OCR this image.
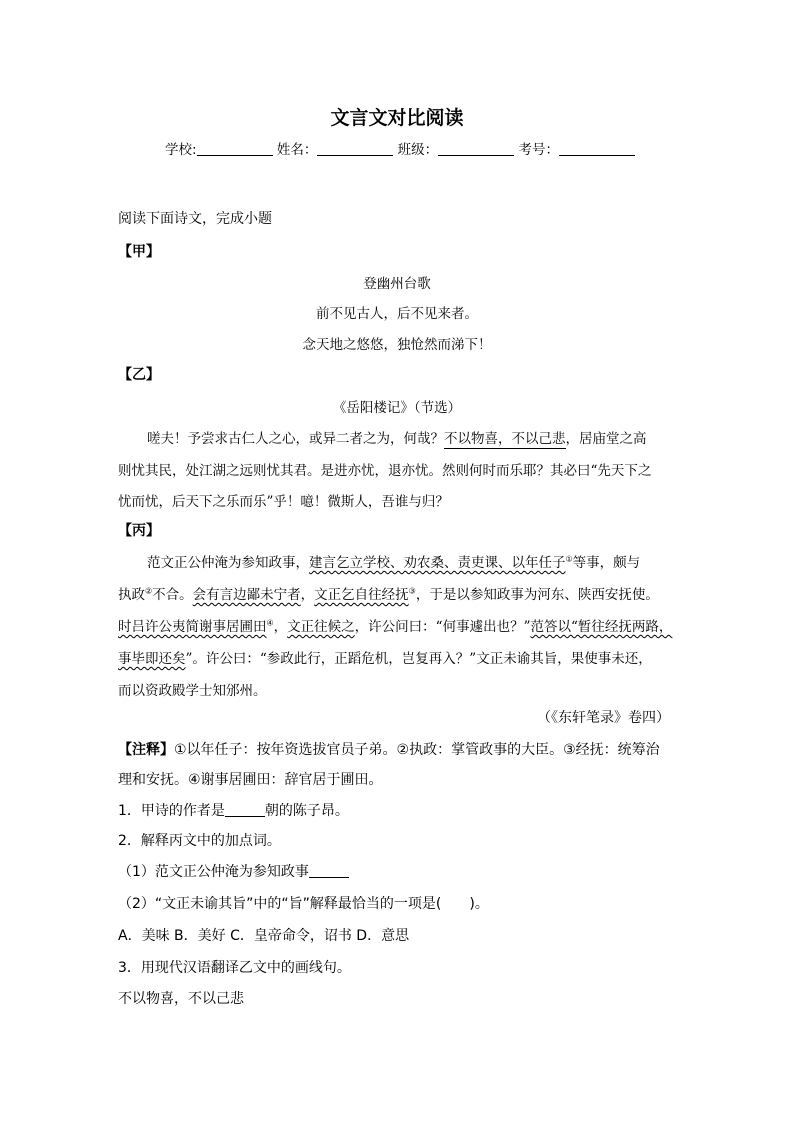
文言文对比阅读
学校:	姓名：	班级：	考号：
阅读下面诗文，完成小题
【甲】
登幽州台歌
前不见古人，后不见来者。
念天地之悠悠，独怆然而涕下！
【乙】
《岳阳楼记》（节选）
嗟夫！予尝求古仁人之心，或异二者之为，何哉？不以物喜，不以己悲，居庙堂之高
则忧其民，处江湖之远则忧其君。是进亦忧，退亦忧。然则何时而乐耶？其必曰“先天下之
忧而忧，后天下之乐而乐”乎！噫！微斯人，吾谁与归？
【丙】
范文正公仲淹为参知政事，建言乞立学校、劝农桑、责吏课、以年任子①等事，颇与
执政②不合。会有言边鄙未宁者，文正乞自往经抚③，于是以参知政事为河东、陕西安抚使。
时吕许公夷简谢事居圃田④，文正往候之，许公问曰：“何事遽出也？”范答以“暂往经抚两路，
事毕即还矣”。许公曰：“参政此行，正蹈危机，岂复再入？”文正未谕其旨，果使事未还，
而以资政殿学士知邠州。
（《东轩笔录》卷四）
【注释】①以年任子：按年资选拔官员子弟。②执政：掌管政事的大臣。③经抚：统筹治
理和安抚。④谢事居圃田：辞官居于圃田。
1．甲诗的作者是	朝的陈子昂。
2．解释丙文中的加点词。
（1）范文正公仲淹为参知政事
（2）“文正未谕其旨”中的“旨”解释最恰当的一项是(　　)。
A．美味 B．美好 C．皇帝命令，诏书 D．意思
3．用现代汉语翻译乙文中的画线句。
不以物喜，不以己悲
